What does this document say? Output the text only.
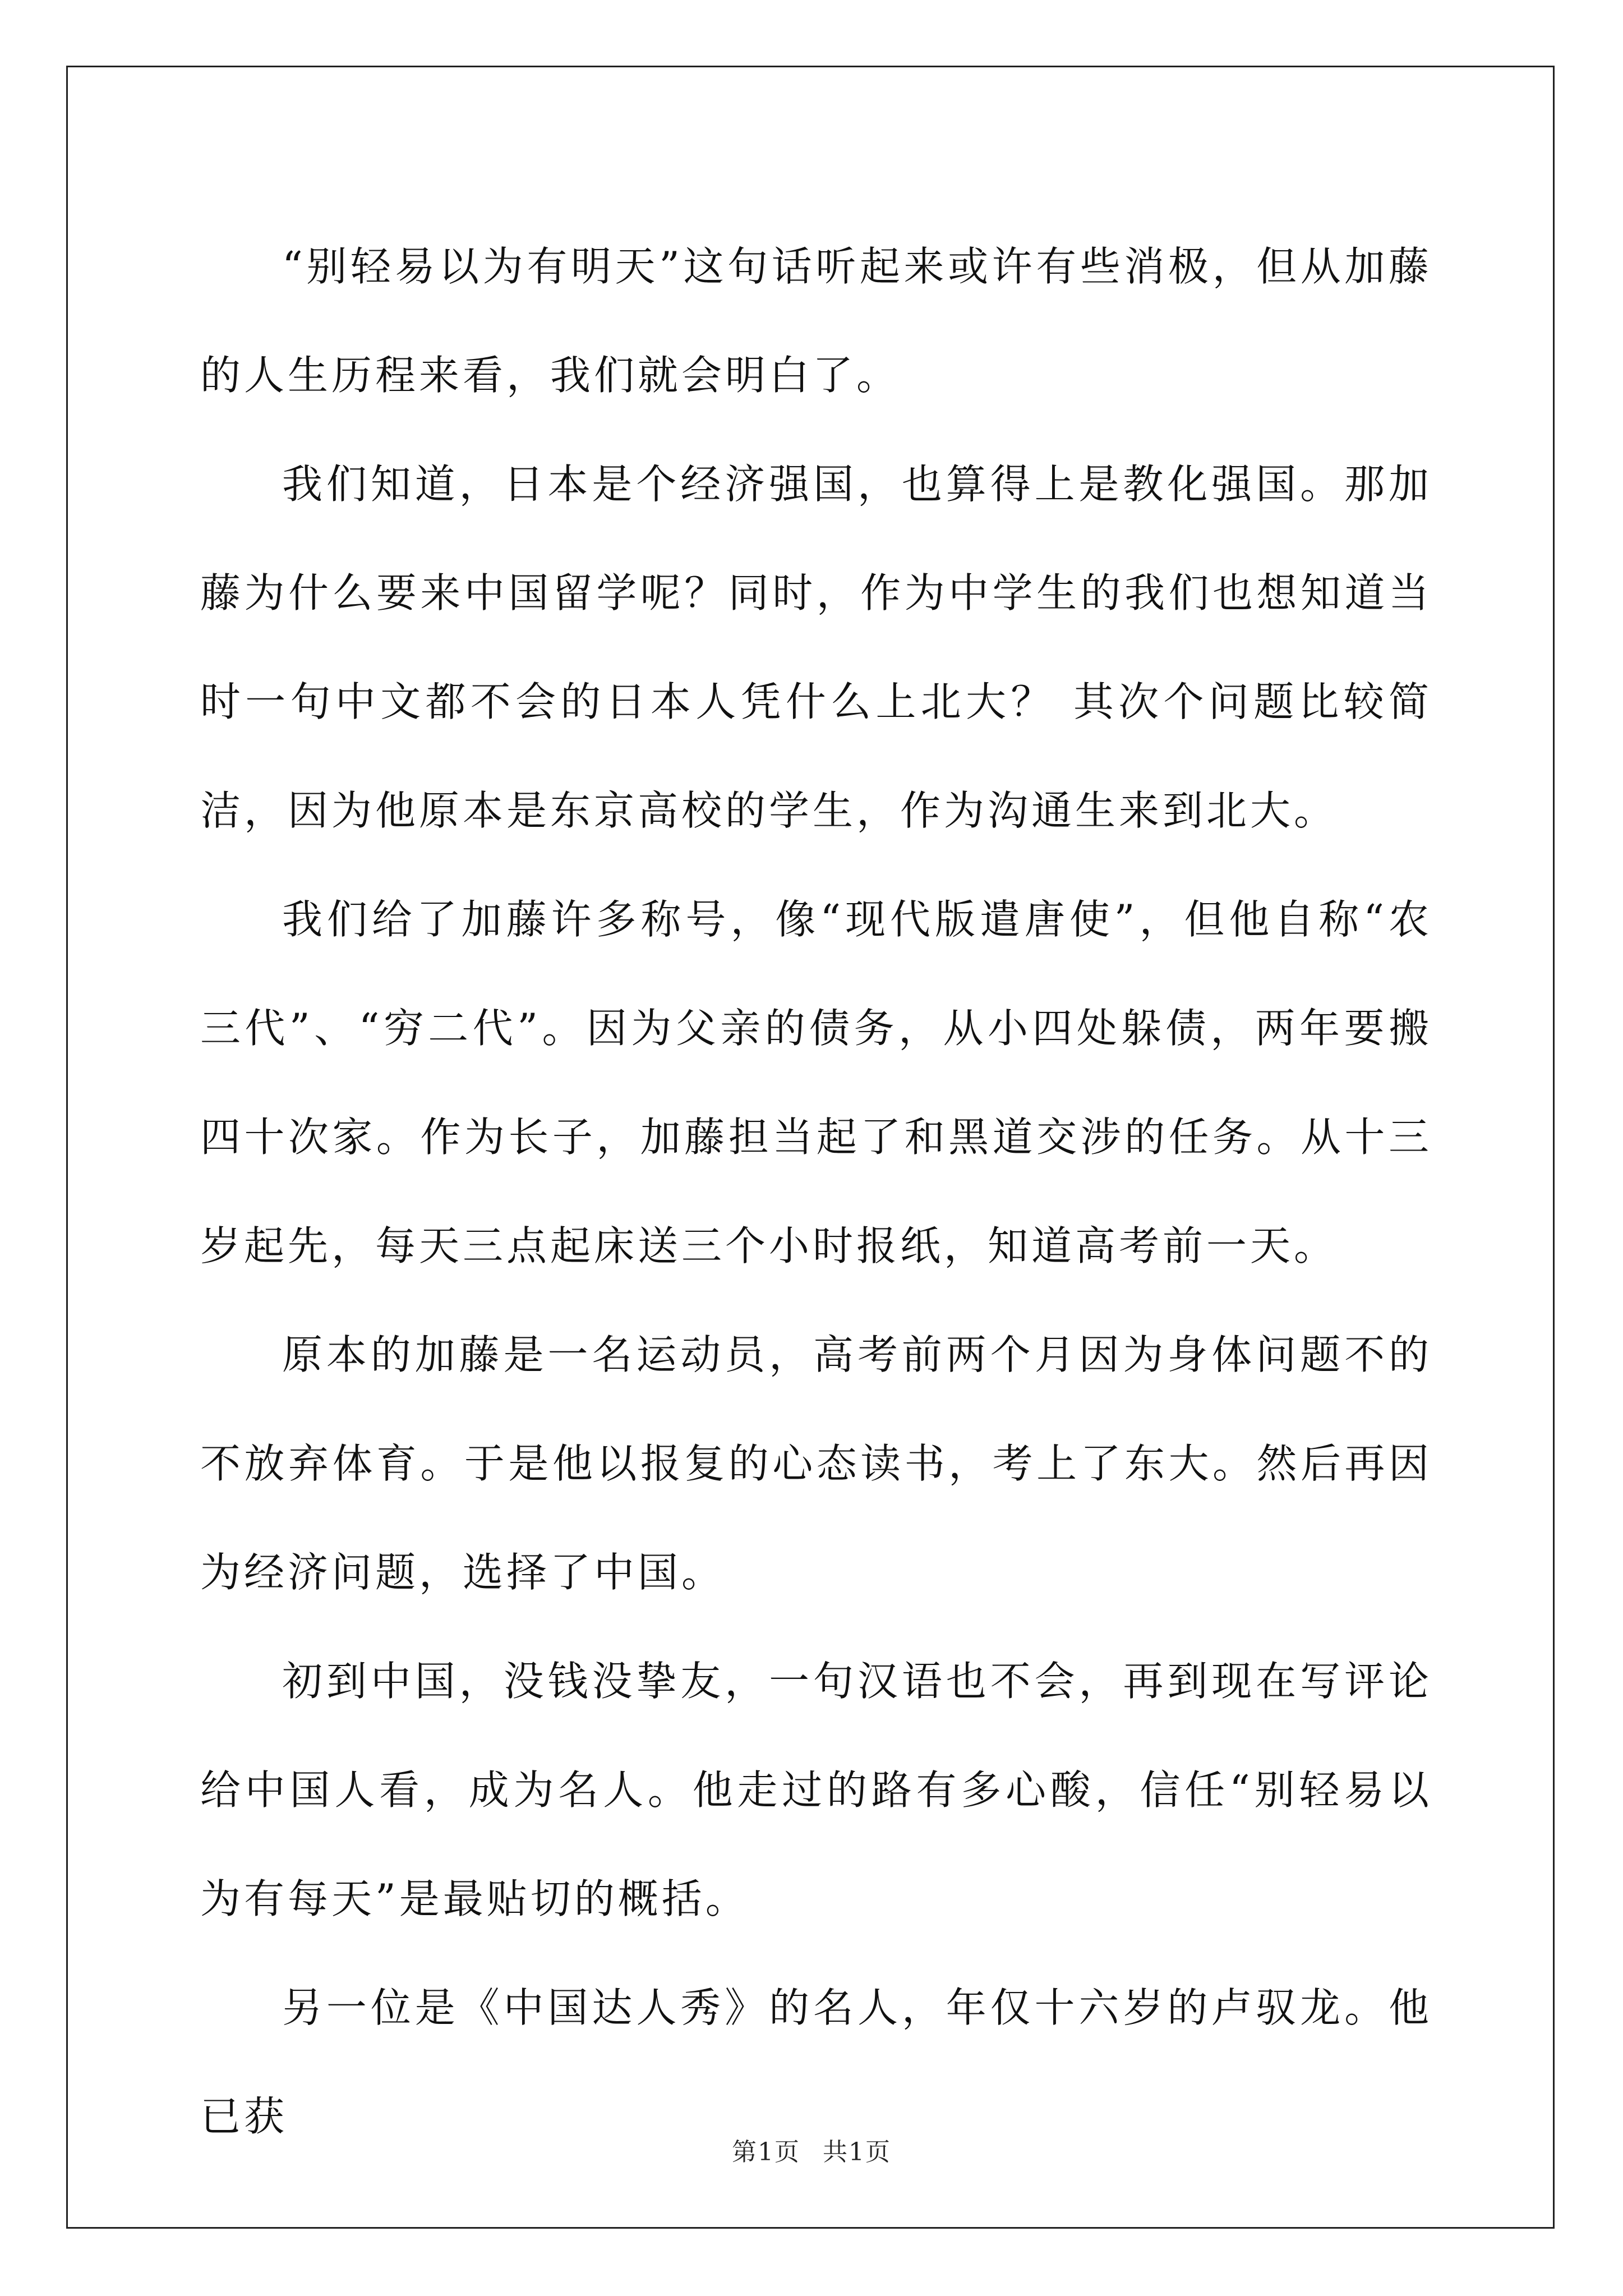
“别轻易以为有明天”这句话听起来或许有些消极，但从加藤的人生历程来看，我们就会明白了。

我们知道，日本是个经济强国，也算得上是教化强国。那加藤为什么要来中国留学呢？同时，作为中学生的我们也想知道当时一句中文都不会的日本人凭什么上北大？ 其次个问题比较简洁，因为他原本是东京高校的学生，作为沟通生来到北大。

我们给了加藤许多称号，像“现代版遣唐使”，但他自称“农三代”、“穷二代”。因为父亲的债务，从小四处躲债，两年要搬四十次家。作为长子，加藤担当起了和黑道交涉的任务。从十三岁起先，每天三点起床送三个小时报纸，知道高考前一天。

原本的加藤是一名运动员，高考前两个月因为身体问题不的不放弃体育。于是他以报复的心态读书，考上了东大。然后再因为经济问题，选择了中国。

初到中国，没钱没挚友，一句汉语也不会，再到现在写评论给中国人看，成为名人。他走过的路有多心酸，信任“别轻易以为有每天”是最贴切的概括。

另一位是《中国达人秀》的名人，年仅十六岁的卢驭龙。他已获

第1页 共1页
